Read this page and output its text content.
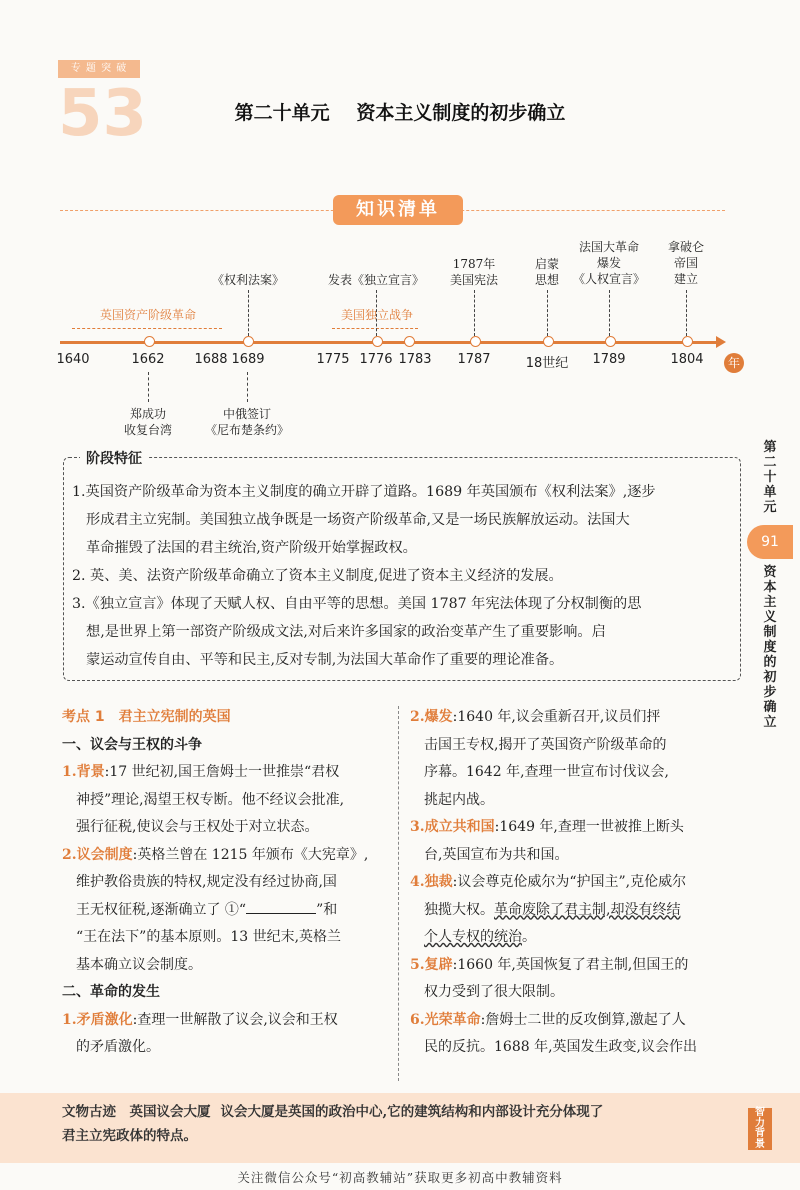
专 题 突 破
53	第二十单元 资本主义制度的初步确立
知识清单
年
1640	1662	1688 1689	1775 1776 1783	1787	18世纪	1789	1804
英国资产阶级革命	美国独立战争
《权利法案》	发表《独立宣言》
1787年
美国宪法
启蒙
思想
法国大革命
爆发
《人权宣言》
拿破仑
帝国
建立
郑成功
收复台湾
中俄签订
《尼布楚条约》
阶段特征

1.英国资产阶级革命为资本主义制度的确立开辟了道路。1689 年英国颁布《权利法案》,逐步

形成君主立宪制。美国独立战争既是一场资产阶级革命,又是一场民族解放运动。法国大

革命摧毁了法国的君主统治,资产阶级开始掌握政权。

2. 英、美、法资产阶级革命确立了资本主义制度,促进了资本主义经济的发展。

3.《独立宣言》体现了天赋人权、自由平等的思想。美国 1787 年宪法体现了分权制衡的思

想,是世界上第一部资产阶级成文法,对后来许多国家的政治变革产生了重要影响。启

蒙运动宣传自由、平等和民主,反对专制,为法国大革命作了重要的理论准备。

考点 1　君主立宪制的英国

一、议会与王权的斗争

1.背景:17 世纪初,国王詹姆士一世推崇“君权

神授”理论,渴望王权专断。他不经议会批准,

强行征税,使议会与王权处于对立状态。

2.议会制度:英格兰曾在 1215 年颁布《大宪章》,

维护教俗贵族的特权,规定没有经过协商,国

王无权征税,逐渐确立了 ①“	”和

“王在法下”的基本原则。13 世纪末,英格兰

基本确立议会制度。

二、革命的发生

1.矛盾激化:查理一世解散了议会,议会和王权

的矛盾激化。

2.爆发:1640 年,议会重新召开,议员们抨

击国王专权,揭开了英国资产阶级革命的

序幕。1642 年,查理一世宣布讨伐议会,

挑起内战。

3.成立共和国:1649 年,查理一世被推上断头

台,英国宣布为共和国。

4.独裁:议会尊克伦威尔为“护国主”,克伦威尔

独揽大权。革命废除了君主制,却没有终结

个人专权的统治。

5.复辟:1660 年,英国恢复了君主制,但国王的

权力受到了很大限制。

6.光荣革命:詹姆士二世的反攻倒算,激起了人

民的反抗。1688 年,英国发生政变,议会作出

第
二
十
单
元
91
资
本
主
义
制
度
的
初
步
确
立
文物古迹　英国议会大厦 议会大厦是英国的政治中心,它的建筑结构和内部设计充分体现了
君主立宪政体的特点。
智
力
背
景
关注微信公众号“初高教辅站”获取更多初高中教辅资料
